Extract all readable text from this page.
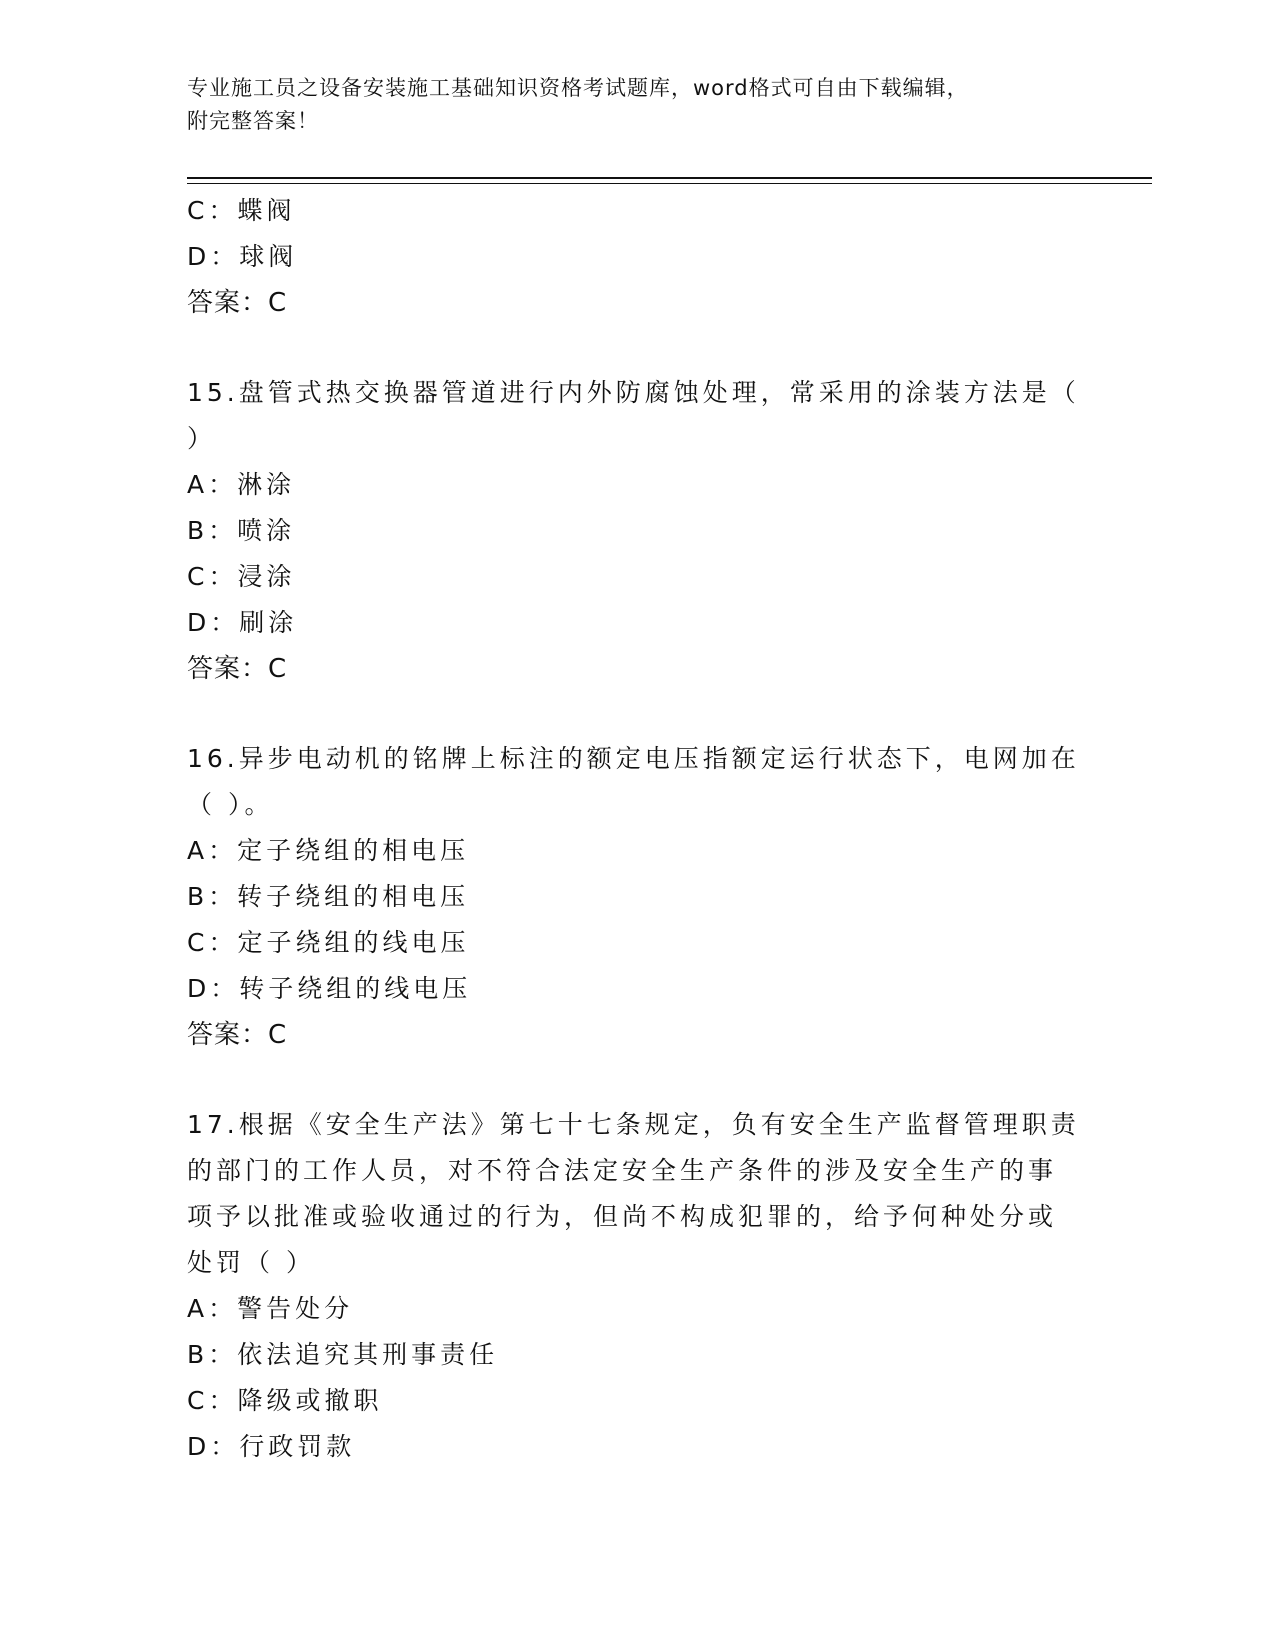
专业施工员之设备安装施工基础知识资格考试题库，word格式可自由下载编辑，
附完整答案！
C：蝶阀
D：球阀
答案：C
15.盘管式热交换器管道进行内外防腐蚀处理，常采用的涂装方法是（
）
A：淋涂
B：喷涂
C：浸涂
D：刷涂
答案：C
16.异步电动机的铭牌上标注的额定电压指额定运行状态下，电网加在
（ ）。
A：定子绕组的相电压
B：转子绕组的相电压
C：定子绕组的线电压
D：转子绕组的线电压
答案：C
17.根据《安全生产法》第七十七条规定，负有安全生产监督管理职责
的部门的工作人员，对不符合法定安全生产条件的涉及安全生产的事
项予以批准或验收通过的行为，但尚不构成犯罪的，给予何种处分或
处罚（ ）
A：警告处分
B：依法追究其刑事责任
C：降级或撤职
D：行政罚款
